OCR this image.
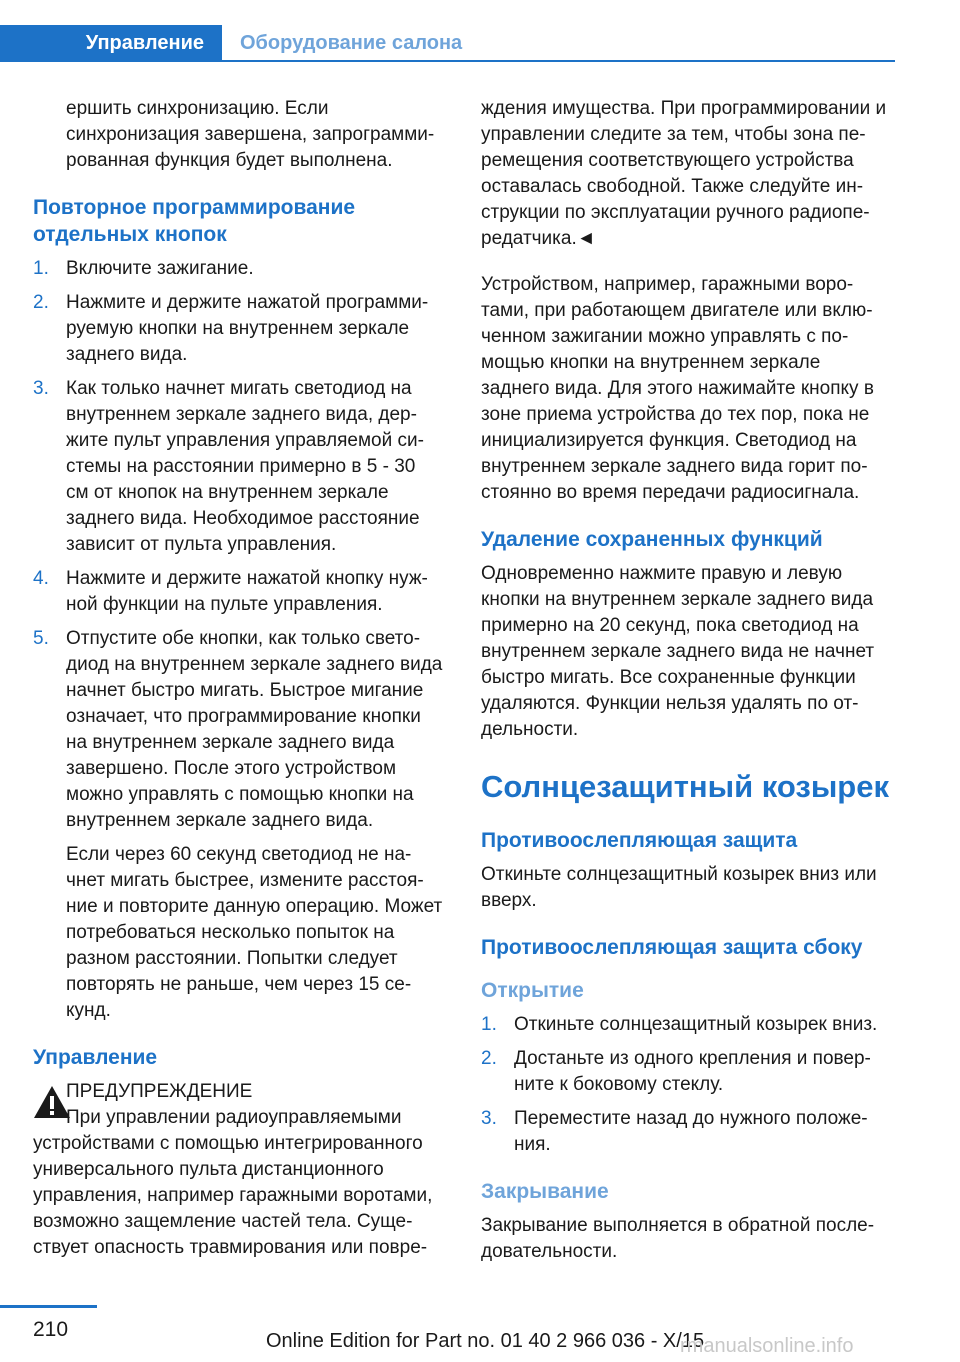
Управление	Оборудование салона

ершить синхронизацию. Если синхронизация завершена, запрограммированная функция будет выполнена.

Повторное программирование отдельных кнопок
1. Включите зажигание.
2. Нажмите и держите нажатой программируемую кнопки на внутреннем зеркале заднего вида.
3. Как только начнет мигать светодиод на внутреннем зеркале заднего вида, держите пульт управления управляемой системы на расстоянии примерно в 5 - 30 см от кнопок на внутреннем зеркале заднего вида. Необходимое расстояние зависит от пульта управления.
4. Нажмите и держите нажатой кнопку нужной функции на пульте управления.
5. Отпустите обе кнопки, как только светодиод на внутреннем зеркале заднего вида начнет быстро мигать. Быстрое мигание означает, что программирование кнопки на внутреннем зеркале заднего вида завершено. После этого устройством можно управлять с помощью кнопки на внутреннем зеркале заднего вида.
Если через 60 секунд светодиод не начнет мигать быстрее, измените расстояние и повторите данную операцию. Может потребоваться несколько попыток на разном расстоянии. Попытки следует повторять не раньше, чем через 15 секунд.
Управление
ПРЕДУПРЕЖДЕНИЕ
При управлении радиоуправляемыми
устройствами с помощью интегрированного универсального пульта дистанционного управления, например гаражными воротами, возможно защемление частей тела. Существует опасность травмирования или повре-

ждения имущества. При программировании и управлении следите за тем, чтобы зона перемещения соответствующего устройства оставалась свободной. Также следуйте инструкции по эксплуатации ручного радиопередатчика.◄

Устройством, например, гаражными воротами, при работающем двигателе или включенном зажигании можно управлять с помощью кнопки на внутреннем зеркале заднего вида. Для этого нажимайте кнопку в зоне приема устройства до тех пор, пока не инициализируется функция. Светодиод на внутреннем зеркале заднего вида горит постоянно во время передачи радиосигнала.

Удаление сохраненных функций

Одновременно нажмите правую и левую кнопки на внутреннем зеркале заднего вида примерно на 20 секунд, пока светодиод на внутреннем зеркале заднего вида не начнет быстро мигать. Все сохраненные функции удаляются. Функции нельзя удалять по отдельности.

Солнцезащитный козырек
Противоослепляющая защита

Откиньте солнцезащитный козырек вниз или вверх.

Противоослепляющая защита сбоку
Открытие
1. Откиньте солнцезащитный козырек вниз.
2. Достаньте из одного крепления и поверните к боковому стеклу.
3. Переместите назад до нужного положения.
Закрывание

Закрывание выполняется в обратной последовательности.

210	Online Edition for Part no. 01 40 2 966 036 - X/15
rmanualsonline.info
